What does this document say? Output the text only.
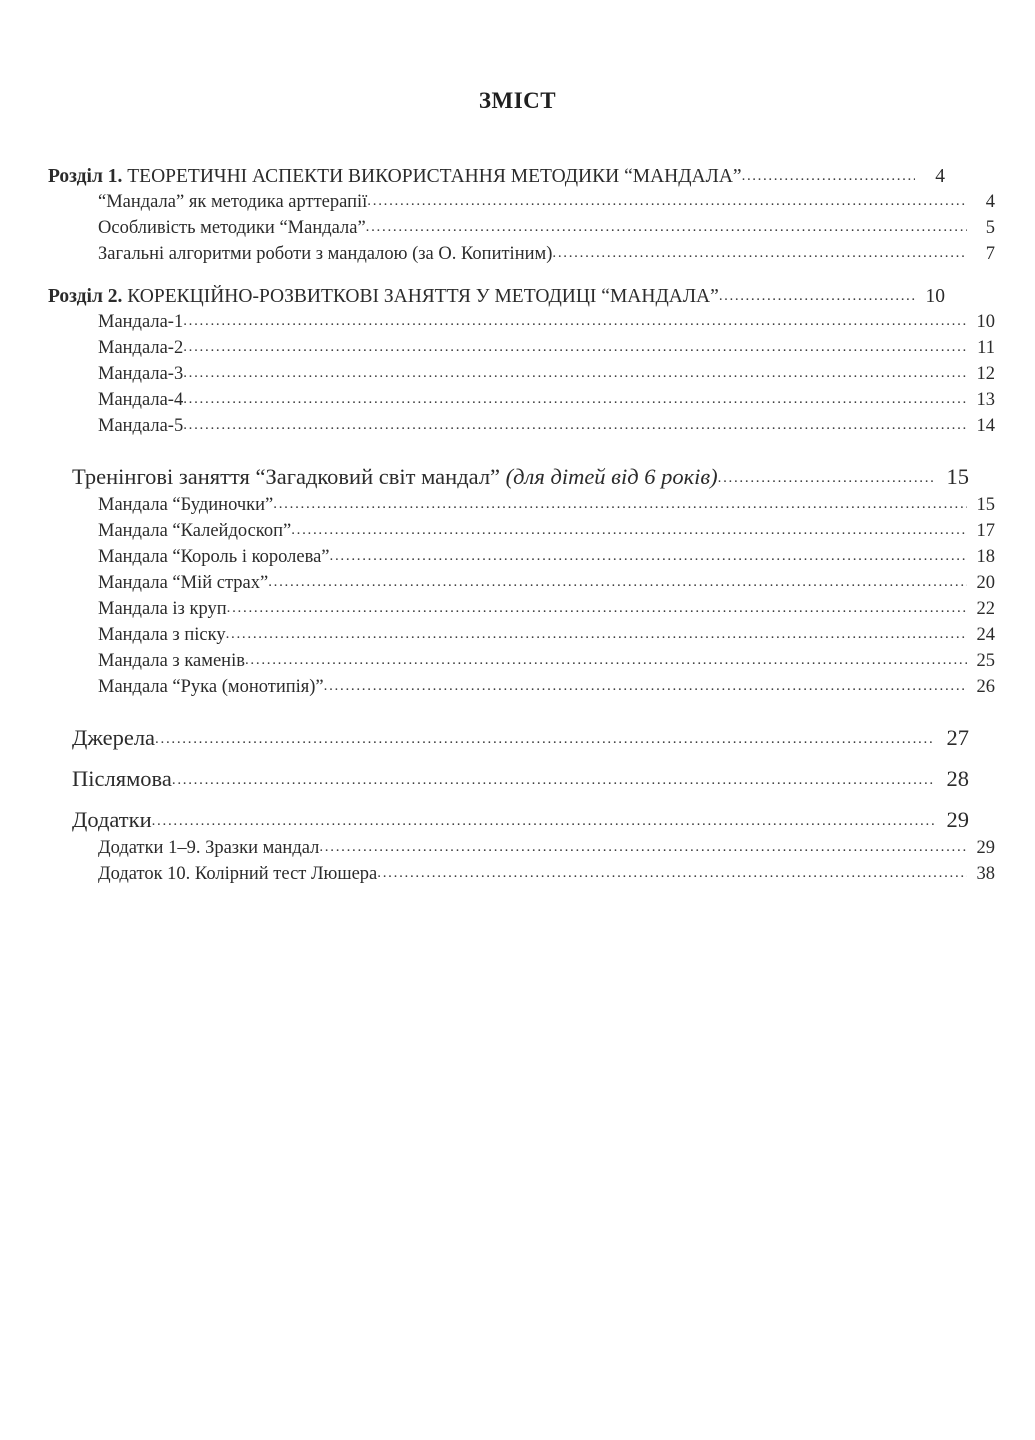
ЗМІСТ
Розділ 1. ТЕОРЕТИЧНІ АСПЕКТИ ВИКОРИСТАННЯ МЕТОДИКИ “МАНДАЛА” .....	4
“Мандала” як методика арттерапії .....	4
Особливість методики “Мандала” .....	5
Загальні алгоритми роботи з мандалою (за О. Копитіним) .....	7
Розділ 2. КОРЕКЦІЙНО-РОЗВИТКОВІ ЗАНЯТТЯ У МЕТОДИЦІ “МАНДАЛА” .....	10
Мандала-1 .....	10
Мандала-2 .....	11
Мандала-3 .....	12
Мандала-4 .....	13
Мандала-5 .....	14
Тренінгові заняття “Загадковий світ мандал” (для дітей від 6 років) .....	15
Мандала “Будиночки” .....	15
Мандала “Калейдоскоп” .....	17
Мандала “Король і королева” .....	18
Мандала “Мій страх” .....	20
Мандала із круп .....	22
Мандала з піску .....	24
Мандала з каменів .....	25
Мандала “Рука (монотипія)” .....	26
Джерела .....	27
Післямова .....	28
Додатки .....	29
Додатки 1–9. Зразки мандал .....	29
Додаток 10. Колірний тест Люшера .....	38
